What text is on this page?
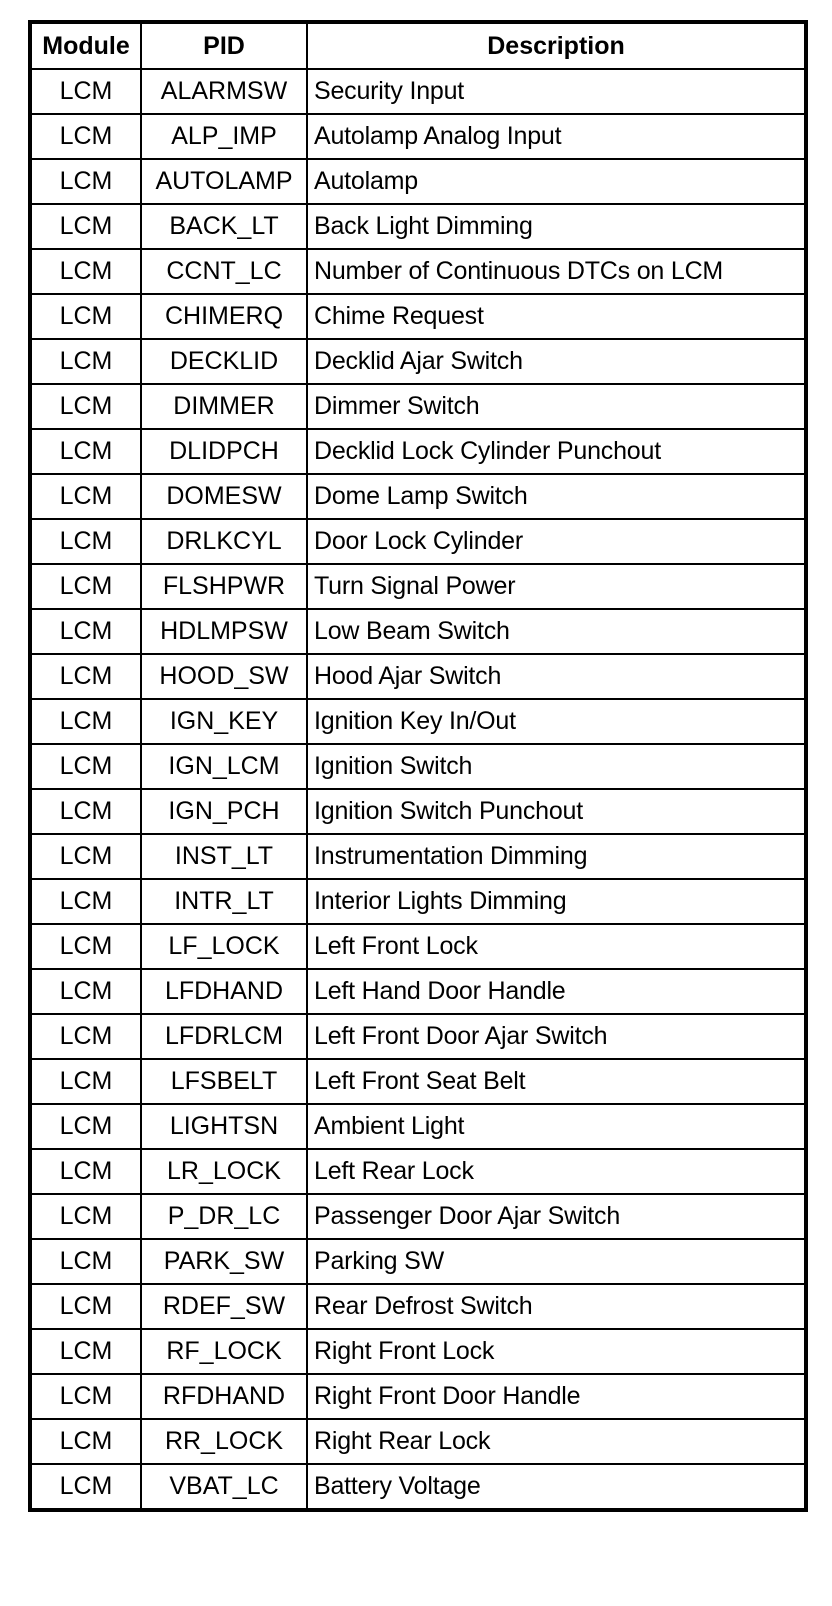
Module	PID	Description
LCM	ALARMSW	Security Input
LCM	ALP_IMP	Autolamp Analog Input
LCM	AUTOLAMP	Autolamp
LCM	BACK_LT	Back Light Dimming
LCM	CCNT_LC	Number of Continuous DTCs on LCM
LCM	CHIMERQ	Chime Request
LCM	DECKLID	Decklid Ajar Switch
LCM	DIMMER	Dimmer Switch
LCM	DLIDPCH	Decklid Lock Cylinder Punchout
LCM	DOMESW	Dome Lamp Switch
LCM	DRLKCYL	Door Lock Cylinder
LCM	FLSHPWR	Turn Signal Power
LCM	HDLMPSW	Low Beam Switch
LCM	HOOD_SW	Hood Ajar Switch
LCM	IGN_KEY	Ignition Key In/Out
LCM	IGN_LCM	Ignition Switch
LCM	IGN_PCH	Ignition Switch Punchout
LCM	INST_LT	Instrumentation Dimming
LCM	INTR_LT	Interior Lights Dimming
LCM	LF_LOCK	Left Front Lock
LCM	LFDHAND	Left Hand Door Handle
LCM	LFDRLCM	Left Front Door Ajar Switch
LCM	LFSBELT	Left Front Seat Belt
LCM	LIGHTSN	Ambient Light
LCM	LR_LOCK	Left Rear Lock
LCM	P_DR_LC	Passenger Door Ajar Switch
LCM	PARK_SW	Parking SW
LCM	RDEF_SW	Rear Defrost Switch
LCM	RF_LOCK	Right Front Lock
LCM	RFDHAND	Right Front Door Handle
LCM	RR_LOCK	Right Rear Lock
LCM	VBAT_LC	Battery Voltage
